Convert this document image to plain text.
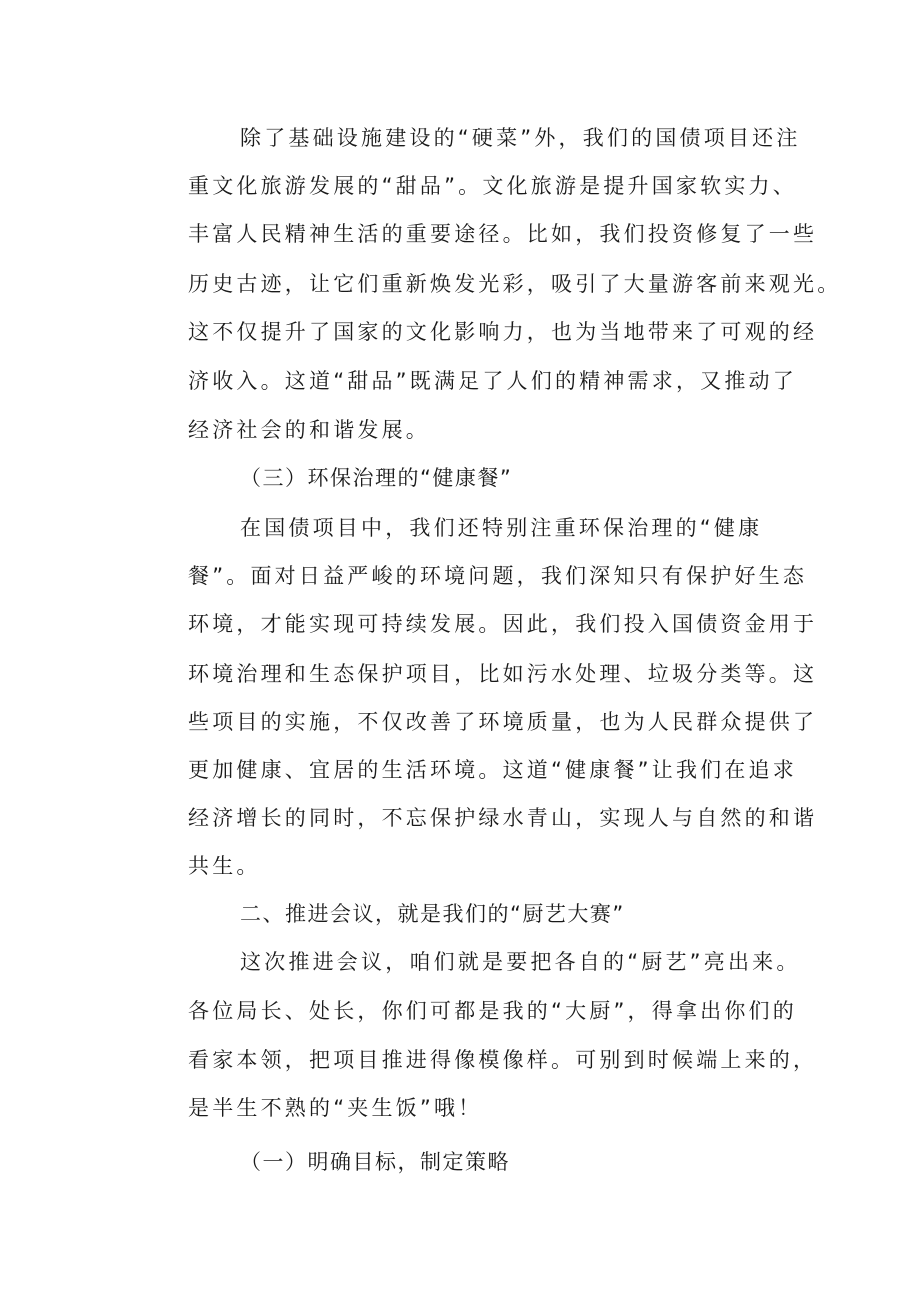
除了基础设施建设的“硬菜”外，我们的国债项目还注
重文化旅游发展的“甜品”。文化旅游是提升国家软实力、
丰富人民精神生活的重要途径。比如，我们投资修复了一些
历史古迹，让它们重新焕发光彩，吸引了大量游客前来观光。
这不仅提升了国家的文化影响力，也为当地带来了可观的经
济收入。这道“甜品”既满足了人们的精神需求，又推动了
经济社会的和谐发展。
（三）环保治理的“健康餐”
在国债项目中，我们还特别注重环保治理的“健康
餐”。面对日益严峻的环境问题，我们深知只有保护好生态
环境，才能实现可持续发展。因此，我们投入国债资金用于
环境治理和生态保护项目，比如污水处理、垃圾分类等。这
些项目的实施，不仅改善了环境质量，也为人民群众提供了
更加健康、宜居的生活环境。这道“健康餐”让我们在追求
经济增长的同时，不忘保护绿水青山，实现人与自然的和谐
共生。
二、推进会议，就是我们的“厨艺大赛”
这次推进会议，咱们就是要把各自的“厨艺”亮出来。
各位局长、处长，你们可都是我的“大厨”，得拿出你们的
看家本领，把项目推进得像模像样。可别到时候端上来的，
是半生不熟的“夹生饭”哦！
（一）明确目标，制定策略
